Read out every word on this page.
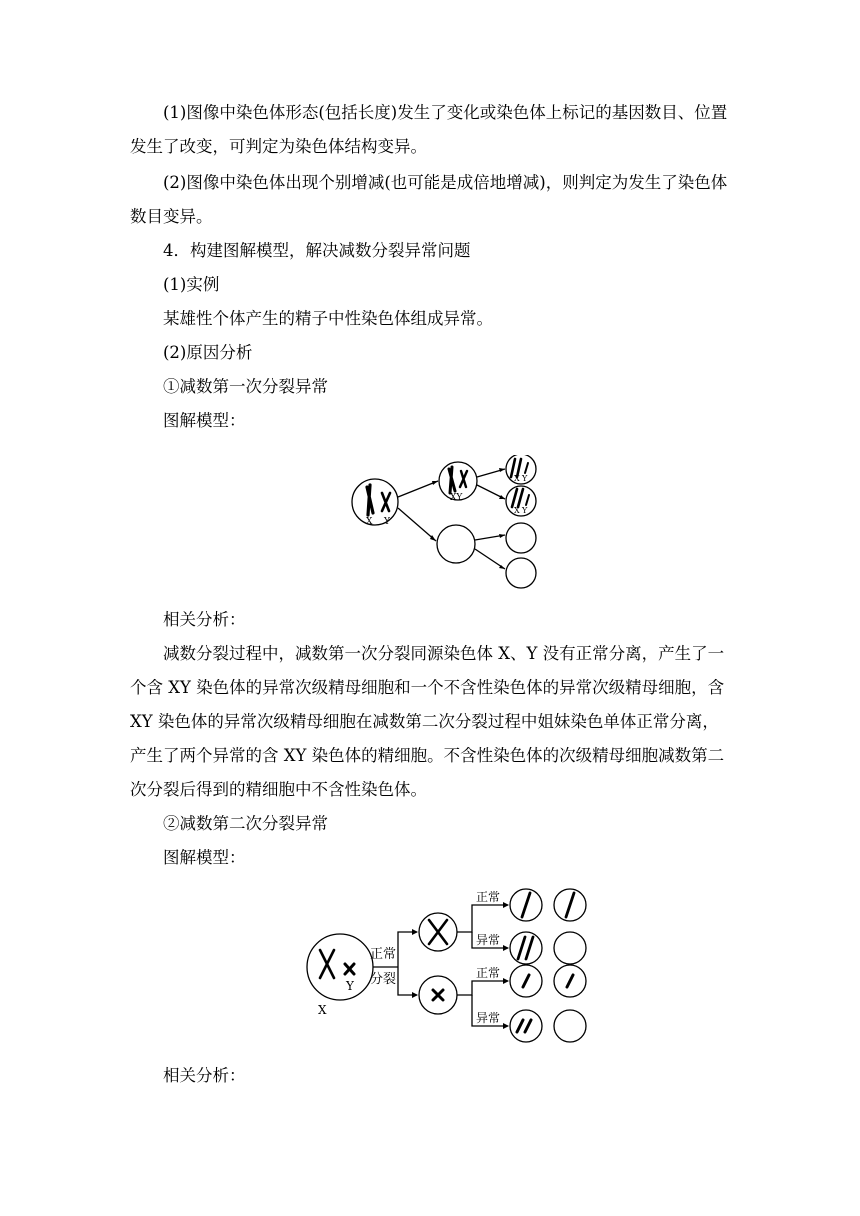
(1)图像中染色体形态(包括长度)发生了变化或染色体上标记的基因数目、位置发生了改变，可判定为染色体结构变异。

(2)图像中染色体出现个别增减(也可能是成倍地增减)，则判定为发生了染色体数目变异。

4．构建图解模型，解决减数分裂异常问题

(1)实例

某雄性个体产生的精子中性染色体组成异常。

(2)原因分析

①减数第一次分裂异常

图解模型：

X Y
XY
X Y
X Y

相关分析：

减数分裂过程中，减数第一次分裂同源染色体 X、Y 没有正常分离，产生了一个含 XY 染色体的异常次级精母细胞和一个不含性染色体的异常次级精母细胞，含 XY 染色体的异常次级精母细胞在减数第二次分裂过程中姐妹染色单体正常分离，产生了两个异常的含 XY 染色体的精细胞。不含性染色体的次级精母细胞减数第二次分裂后得到的精细胞中不含性染色体。

②减数第二次分裂异常

图解模型：

X
Y
正常
分裂
正常
异常
正常
异常

相关分析：
